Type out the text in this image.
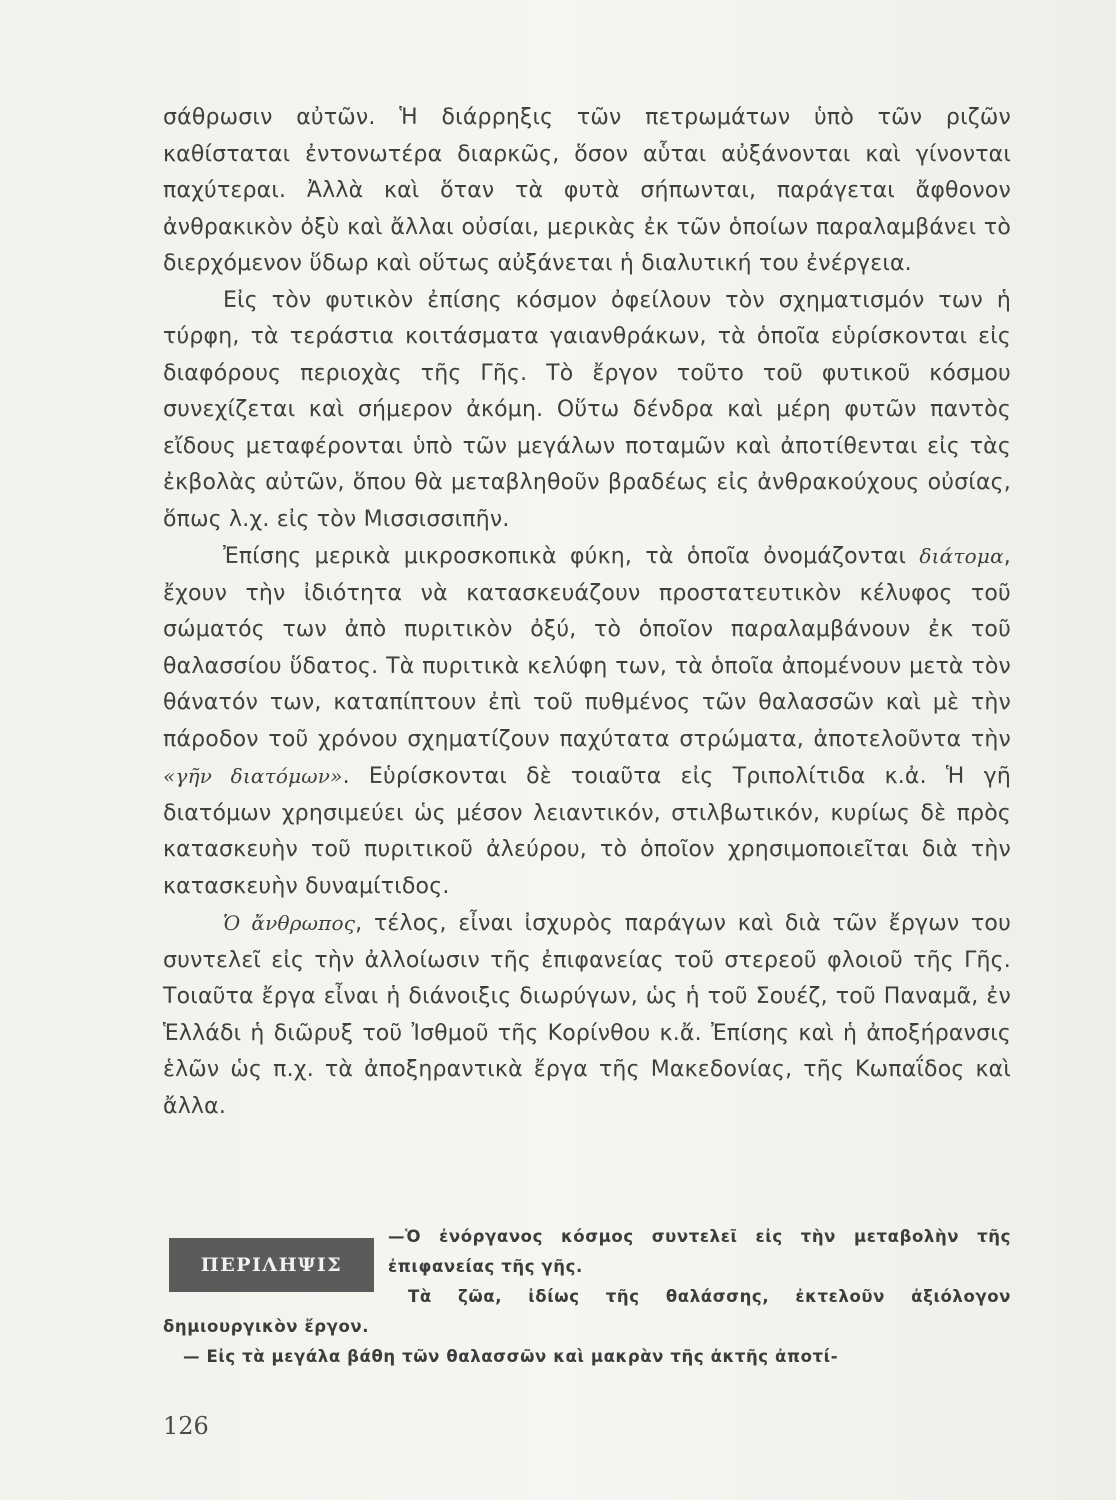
σάθρωσιν αὐτῶν. Ἡ διάρρηξις τῶν πετρωμάτων ὑπὸ τῶν ριζῶν καθίσταται ἐντονωτέρα διαρκῶς, ὅσον αὗται αὐξάνονται καὶ γίνονται παχύτεραι. Ἀλλὰ καὶ ὅταν τὰ φυτὰ σήπωνται, παράγεται ἄφθονον ἀνθρακικὸν ὀξὺ καὶ ἄλλαι οὐσίαι, μερικὰς ἐκ τῶν ὁποίων παραλαμβάνει τὸ διερχόμενον ὕδωρ καὶ οὕτως αὐξάνεται ἡ διαλυτική του ἐνέργεια.

Εἰς τὸν φυτικὸν ἐπίσης κόσμον ὀφείλουν τὸν σχηματισμόν των ἡ τύρφη, τὰ τεράστια κοιτάσματα γαιανθράκων, τὰ ὁποῖα εὑρίσκονται εἰς διαφόρους περιοχὰς τῆς Γῆς. Τὸ ἔργον τοῦτο τοῦ φυτικοῦ κόσμου συνεχίζεται καὶ σήμερον ἀκόμη. Οὕτω δένδρα καὶ μέρη φυτῶν παντὸς εἴδους μεταφέρονται ὑπὸ τῶν μεγάλων ποταμῶν καὶ ἀποτίθενται εἰς τὰς ἐκβολὰς αὐτῶν, ὅπου θὰ μεταβληθοῦν βραδέως εἰς ἀνθρακούχους οὐσίας, ὅπως λ.χ. εἰς τὸν Μισσισσιπῆν.

Ἐπίσης μερικὰ μικροσκοπικὰ φύκη, τὰ ὁποῖα ὀνομάζονται διάτομα, ἔχουν τὴν ἰδιότητα νὰ κατασκευάζουν προστατευτικὸν κέλυφος τοῦ σώματός των ἀπὸ πυριτικὸν ὀξύ, τὸ ὁποῖον παραλαμβάνουν ἐκ τοῦ θαλασσίου ὕδατος. Τὰ πυριτικὰ κελύφη των, τὰ ὁποῖα ἀπομένουν μετὰ τὸν θάνατόν των, καταπίπτουν ἐπὶ τοῦ πυθμένος τῶν θαλασσῶν καὶ μὲ τὴν πάροδον τοῦ χρόνου σχηματίζουν παχύτατα στρώματα, ἀποτελοῦντα τὴν «γῆν διατόμων». Εὑρίσκονται δὲ τοιαῦτα εἰς Τριπολίτιδα κ.ἀ. Ἡ γῆ διατόμων χρησιμεύει ὡς μέσον λειαντικόν, στιλβωτικόν, κυρίως δὲ πρὸς κατασκευὴν τοῦ πυριτικοῦ ἀλεύρου, τὸ ὁποῖον χρησιμοποιεῖται διὰ τὴν κατασκευὴν δυναμίτιδος.

Ὁ ἄνθρωπος, τέλος, εἶναι ἰσχυρὸς παράγων καὶ διὰ τῶν ἔργων του συντελεῖ εἰς τὴν ἀλλοίωσιν τῆς ἐπιφανείας τοῦ στερεοῦ φλοιοῦ τῆς Γῆς. Τοιαῦτα ἔργα εἶναι ἡ διάνοιξις διωρύγων, ὡς ἡ τοῦ Σουέζ, τοῦ Παναμᾶ, ἐν Ἑλλάδι ἡ διῶρυξ τοῦ Ἰσθμοῦ τῆς Κορίνθου κ.ἄ. Ἐπίσης καὶ ἡ ἀποξήρανσις ἑλῶν ὡς π.χ. τὰ ἀποξηραντικὰ ἔργα τῆς Μακεδονίας, τῆς Κωπαΐδος καὶ ἄλλα.

ΠΕΡΙΛΗΨΙΣ

—Ὁ ἐνόργανος κόσμος συντελεῖ εἰς τὴν μεταβολὴν τῆς ἐπιφανείας τῆς γῆς.

Τὰ ζῶα, ἰδίως τῆς θαλάσσης, ἐκτελοῦν ἀξιόλογον δημιουργικὸν ἔργον.

— Εἰς τὰ μεγάλα βάθη τῶν θαλασσῶν καὶ μακρὰν τῆς ἀκτῆς ἀποτί-

126
